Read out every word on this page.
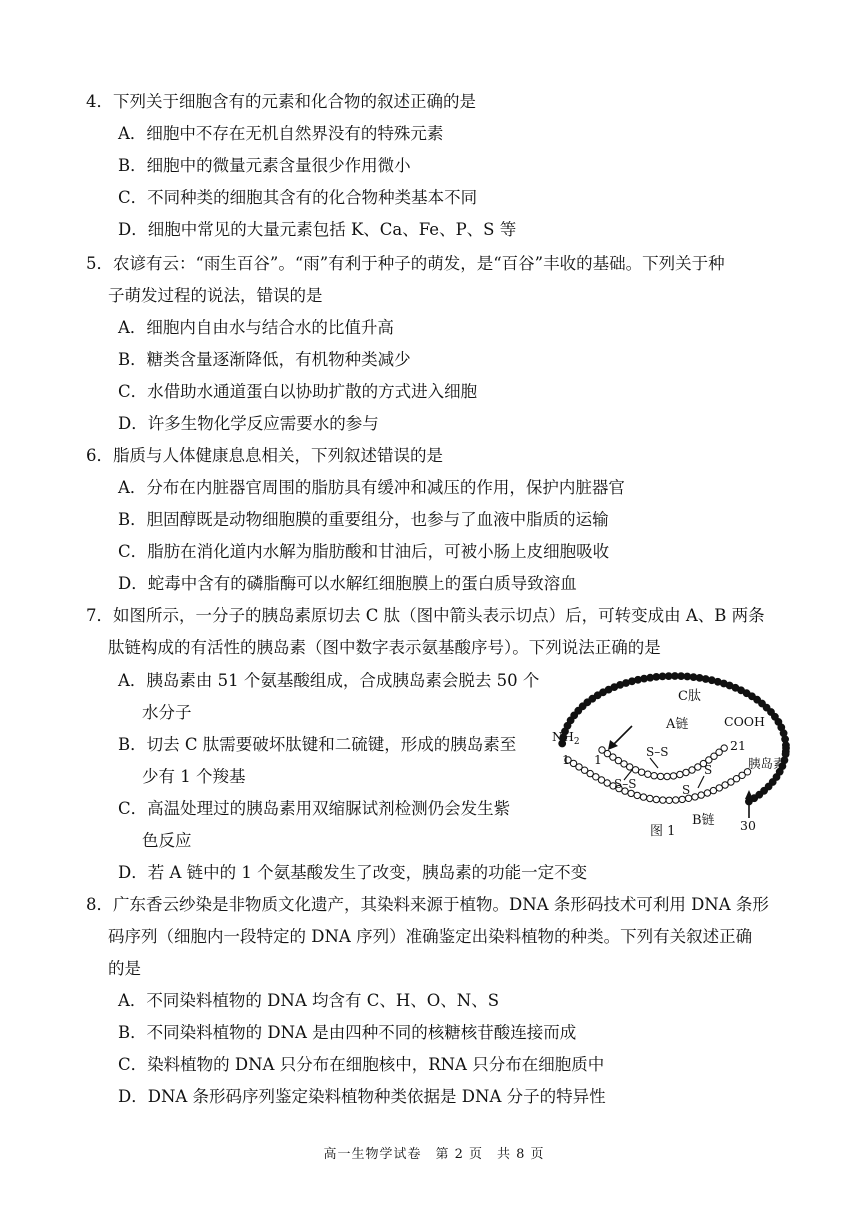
4．下列关于细胞含有的元素和化合物的叙述正确的是
A．细胞中不存在无机自然界没有的特殊元素
B．细胞中的微量元素含量很少作用微小
C．不同种类的细胞其含有的化合物种类基本不同
D．细胞中常见的大量元素包括 K、Ca、Fe、P、S 等
5．农谚有云：“雨生百谷”。“雨”有利于种子的萌发，是“百谷”丰收的基础。下列关于种
子萌发过程的说法，错误的是
A．细胞内自由水与结合水的比值升高
B．糖类含量逐渐降低，有机物种类减少
C．水借助水通道蛋白以协助扩散的方式进入细胞
D．许多生物化学反应需要水的参与
6．脂质与人体健康息息相关，下列叙述错误的是
A．分布在内脏器官周围的脂肪具有缓冲和减压的作用，保护内脏器官
B．胆固醇既是动物细胞膜的重要组分，也参与了血液中脂质的运输
C．脂肪在消化道内水解为脂肪酸和甘油后，可被小肠上皮细胞吸收
D．蛇毒中含有的磷脂酶可以水解红细胞膜上的蛋白质导致溶血
7．如图所示，一分子的胰岛素原切去 C 肽（图中箭头表示切点）后，可转变成由 A、B 两条
肽链构成的有活性的胰岛素（图中数字表示氨基酸序号）。下列说法正确的是
A．胰岛素由 51 个氨基酸组成，合成胰岛素会脱去 50 个
水分子
B．切去 C 肽需要破坏肽键和二硫键，形成的胰岛素至
少有 1 个羧基
C．高温处理过的胰岛素用双缩脲试剂检测仍会发生紫
色反应
D．若 A 链中的 1 个氨基酸发生了改变，胰岛素的功能一定不变
C肽
A链	COOH
$NH_2$	21
1 1	S–S
S–S
S
S
胰岛素
图 1
B链 30
8．广东香云纱染是非物质文化遗产，其染料来源于植物。DNA 条形码技术可利用 DNA 条形
码序列（细胞内一段特定的 DNA 序列）准确鉴定出染料植物的种类。下列有关叙述正确
的是
A．不同染料植物的 DNA 均含有 C、H、O、N、S
B．不同染料植物的 DNA 是由四种不同的核糖核苷酸连接而成
C．染料植物的 DNA 只分布在细胞核中，RNA 只分布在细胞质中
D．DNA 条形码序列鉴定染料植物种类依据是 DNA 分子的特异性
高一生物学试卷　第 2 页　共 8 页
